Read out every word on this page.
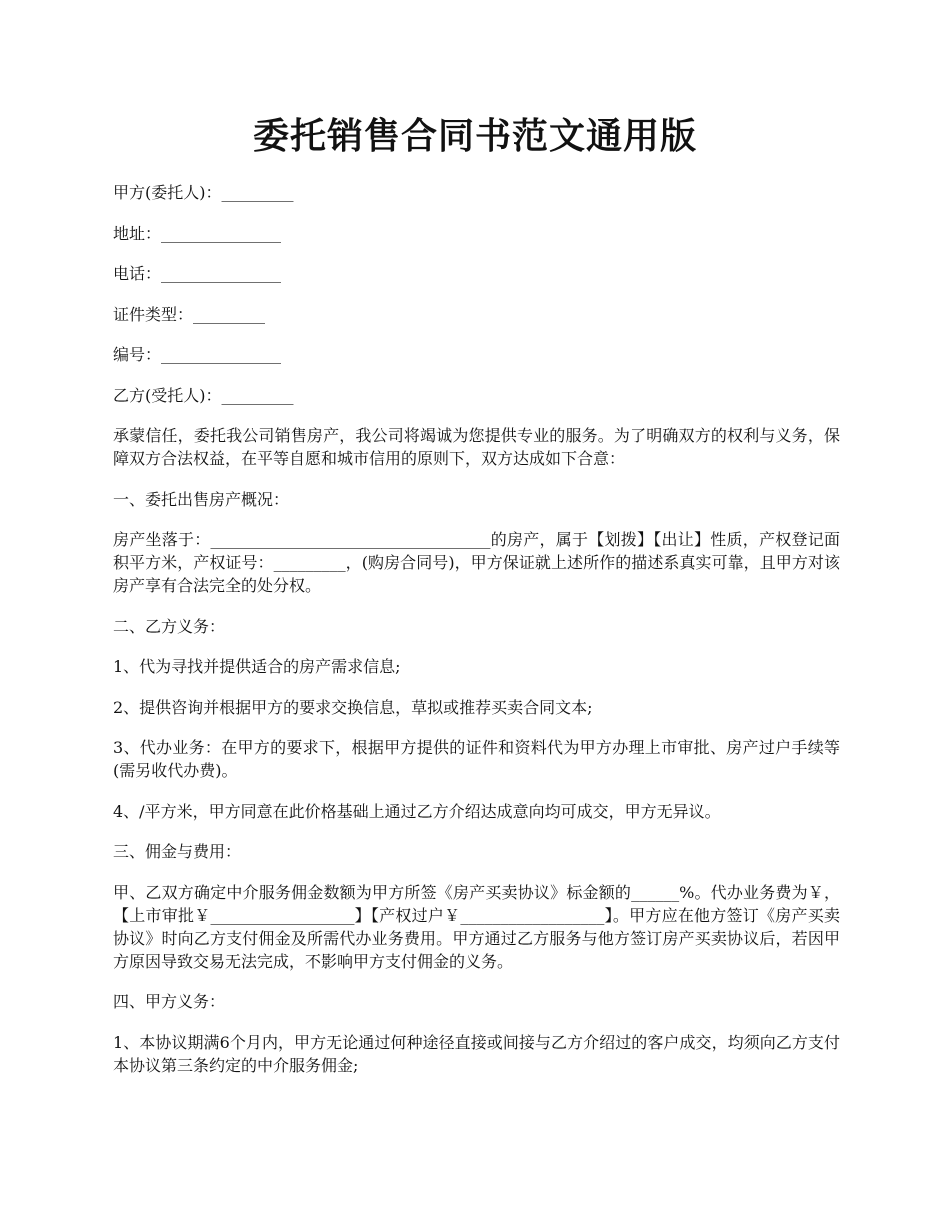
委托销售合同书范文通用版

甲方(委托人)：_________

地址：_______________

电话：_______________

证件类型：_________

编号：_______________

乙方(受托人)：_________

承蒙信任，委托我公司销售房产，我公司将竭诚为您提供专业的服务。为了明确双方的权利与义务，保障双方合法权益，在平等自愿和城市信用的原则下，双方达成如下合意：

一、委托出售房产概况：

房产坐落于：___________________________________的房产，属于【划拨】【出让】性质，产权登记面积平方米，产权证号：_________，(购房合同号)，甲方保证就上述所作的描述系真实可靠，且甲方对该房产享有合法完全的处分权。

二、乙方义务：

1、代为寻找并提供适合的房产需求信息;

2、提供咨询并根据甲方的要求交换信息，草拟或推荐买卖合同文本;

3、代办业务：在甲方的要求下，根据甲方提供的证件和资料代为甲方办理上市审批、房产过户手续等(需另收代办费)。

4、/平方米，甲方同意在此价格基础上通过乙方介绍达成意向均可成交，甲方无异议。

三、佣金与费用：

甲、乙双方确定中介服务佣金数额为甲方所签《房产买卖协议》标金额的______%。代办业务费为￥，【上市审批￥__________________】【产权过户￥__________________】。甲方应在他方签订《房产买卖协议》时向乙方支付佣金及所需代办业务费用。甲方通过乙方服务与他方签订房产买卖协议后，若因甲方原因导致交易无法完成，不影响甲方支付佣金的义务。

四、甲方义务：

1、本协议期满6个月内，甲方无论通过何种途径直接或间接与乙方介绍过的客户成交，均须向乙方支付本协议第三条约定的中介服务佣金;
